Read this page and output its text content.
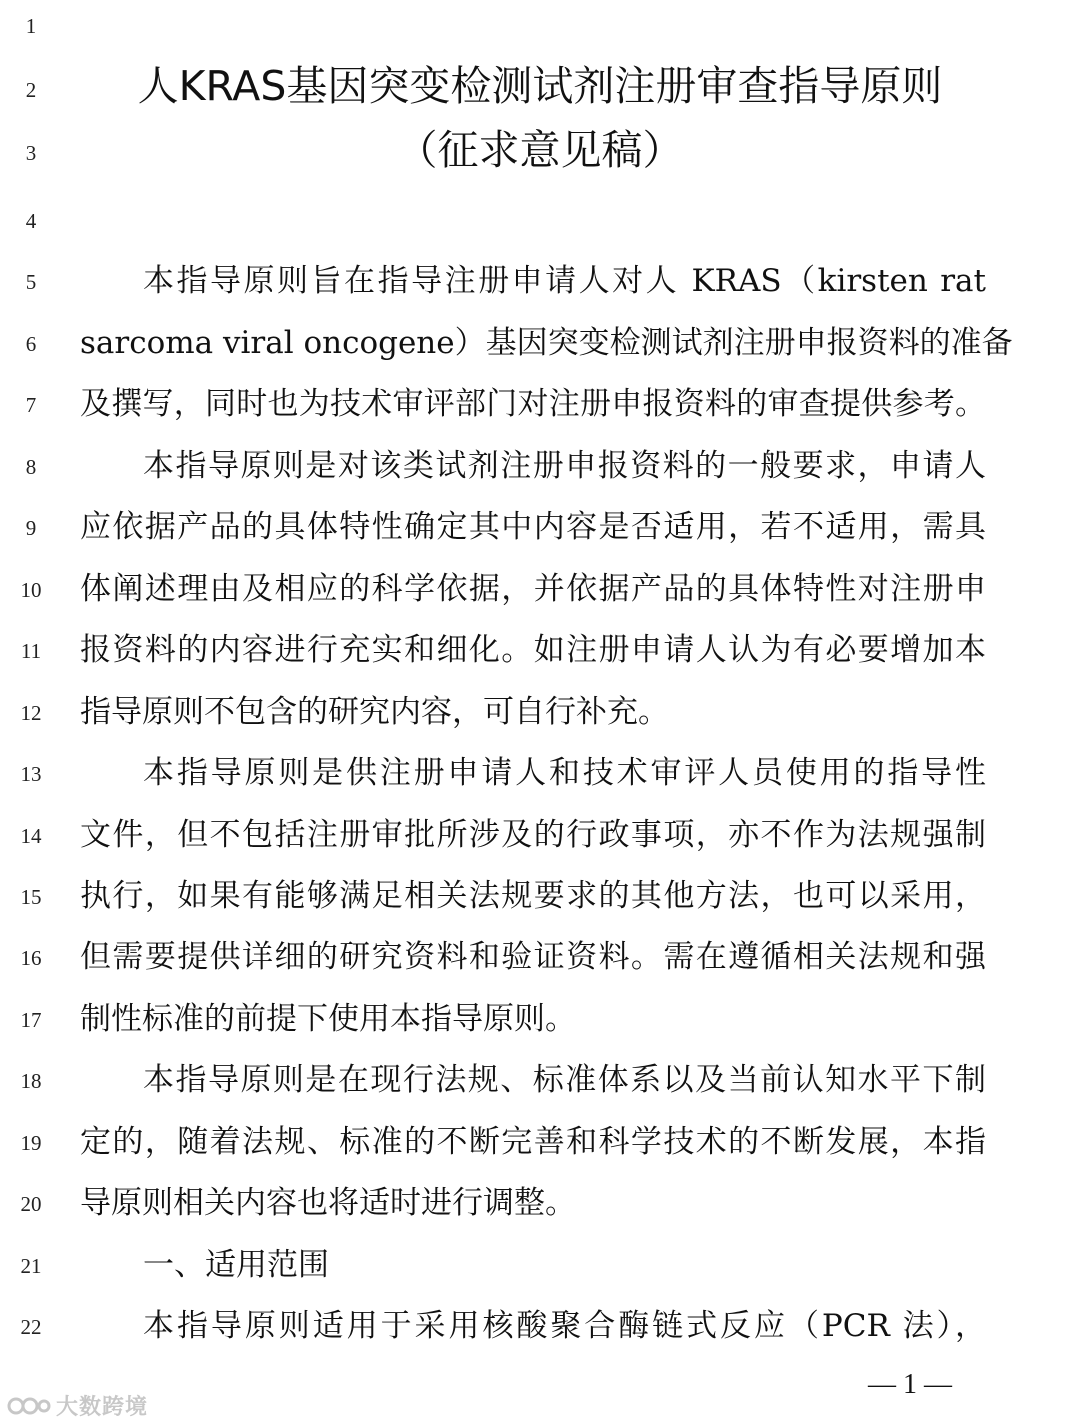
1
2
3
4
5
6
7
8
9
10
11
12
13
14
15
16
17
18
19
20
21
22
人KRAS基因突变检测试剂注册审查指导原则
（征求意见稿）
本指导原则旨在指导注册申请人对人 KRAS（kirsten rat
sarcoma viral oncogene）基因突变检测试剂注册申报资料的准备
及撰写，同时也为技术审评部门对注册申报资料的审查提供参考。
本指导原则是对该类试剂注册申报资料的一般要求，申请人
应依据产品的具体特性确定其中内容是否适用，若不适用，需具
体阐述理由及相应的科学依据，并依据产品的具体特性对注册申
报资料的内容进行充实和细化。如注册申请人认为有必要增加本
指导原则不包含的研究内容，可自行补充。
本指导原则是供注册申请人和技术审评人员使用的指导性
文件，但不包括注册审批所涉及的行政事项，亦不作为法规强制
执行，如果有能够满足相关法规要求的其他方法，也可以采用，
但需要提供详细的研究资料和验证资料。需在遵循相关法规和强
制性标准的前提下使用本指导原则。
本指导原则是在现行法规、标准体系以及当前认知水平下制
定的，随着法规、标准的不断完善和科学技术的不断发展，本指
导原则相关内容也将适时进行调整。
一、适用范围
本指导原则适用于采用核酸聚合酶链式反应（PCR 法），
— 1 —
大数跨境
